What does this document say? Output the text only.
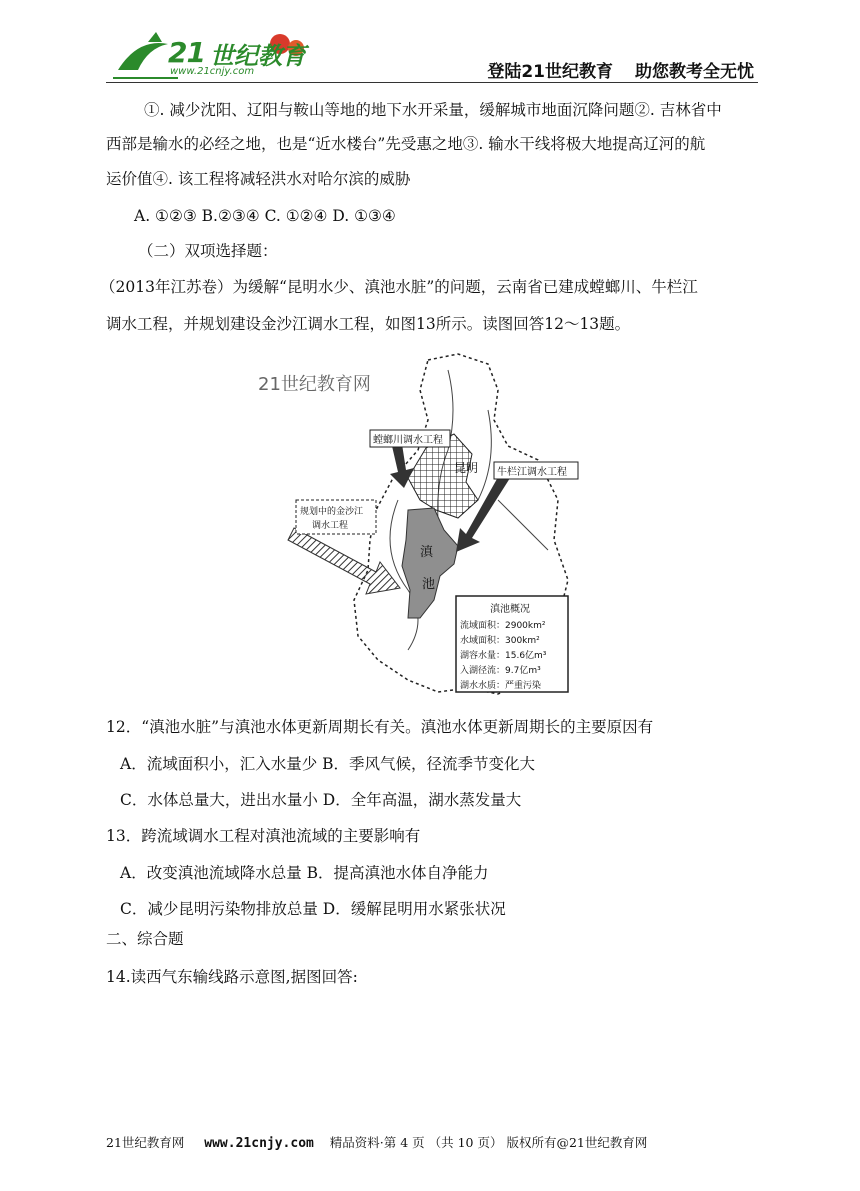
21 世纪教育
www.21cnjy.com	登陆21世纪教育 助您教考全无忧
①. 减少沈阳、辽阳与鞍山等地的地下水开采量，缓解城市地面沉降问题②. 吉林省中
西部是输水的必经之地，也是“近水楼台”先受惠之地③. 输水干线将极大地提高辽河的航
运价值④. 该工程将减轻洪水对哈尔滨的威胁
A. ①②③ B.②③④ C. ①②④ D. ①③④
（二）双项选择题：
（2013年江苏卷）为缓解“昆明水少、滇池水脏”的问题，云南省已建成螳螂川、牛栏江
调水工程，并规划建设金沙江调水工程，如图13所示。读图回答12～13题。
21世纪教育网
螳螂川调水工程
牛栏江调水工程
规划中的金沙江
调水工程
昆明
滇
池
滇池概况
流域面积：2900km²
水域面积：300km²
湖容水量：15.6亿m³
入湖径流：9.7亿m³
湖水水质：严重污染
12．“滇池水脏”与滇池水体更新周期长有关。滇池水体更新周期长的主要原因有
A．流域面积小，汇入水量少 B．季风气候，径流季节变化大
C．水体总量大，进出水量小 D．全年高温，湖水蒸发量大
13．跨流域调水工程对滇池流域的主要影响有
A．改变滇池流域降水总量 B．提高滇池水体自净能力
C．减少昆明污染物排放总量 D．缓解昆明用水紧张状况
二、综合题
14.读西气东输线路示意图,据图回答:
21世纪教育网 www.21cnjy.com 精品资料·第 4 页 （共 10 页） 版权所有@21世纪教育网
